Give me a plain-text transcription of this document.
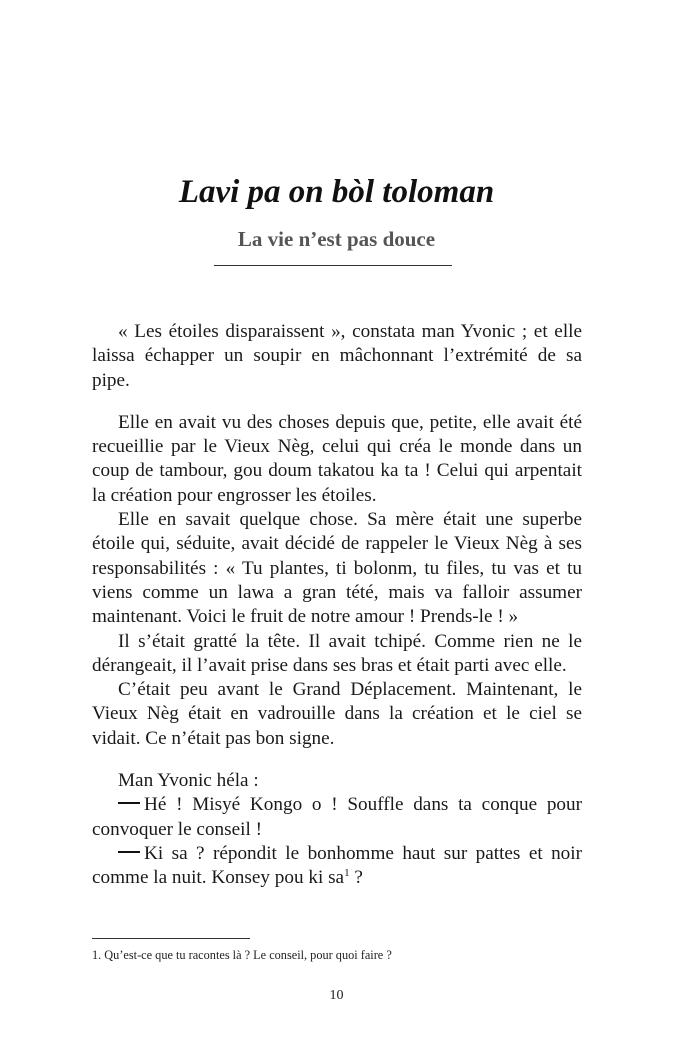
Lavi pa on bòl toloman
La vie n’est pas douce

« Les étoiles disparaissent », constata man Yvonic ; et elle laissa échapper un soupir en mâchonnant l’extrémité de sa pipe.

Elle en avait vu des choses depuis que, petite, elle avait été recueillie par le Vieux Nèg, celui qui créa le monde dans un coup de tambour, gou doum takatou ka ta ! Celui qui arpentait la création pour engrosser les étoiles.

Elle en savait quelque chose. Sa mère était une superbe étoile qui, séduite, avait décidé de rappeler le Vieux Nèg à ses responsabilités : « Tu plantes, ti bolonm, tu files, tu vas et tu viens comme un lawa a gran tété, mais va falloir assumer maintenant. Voici le fruit de notre amour ! Prends-le ! »

Il s’était gratté la tête. Il avait tchipé. Comme rien ne le dérangeait, il l’avait prise dans ses bras et était parti avec elle.

C’était peu avant le Grand Déplacement. Maintenant, le Vieux Nèg était en vadrouille dans la création et le ciel se vidait. Ce n’était pas bon signe.

Man Yvonic héla :

Hé ! Misyé Kongo o ! Souffle dans ta conque pour convoquer le conseil !

Ki sa ? répondit le bonhomme haut sur pattes et noir comme la nuit. Konsey pou ki $sa^1$ ?

1. Qu’est-ce que tu racontes là ? Le conseil, pour quoi faire ?
10
